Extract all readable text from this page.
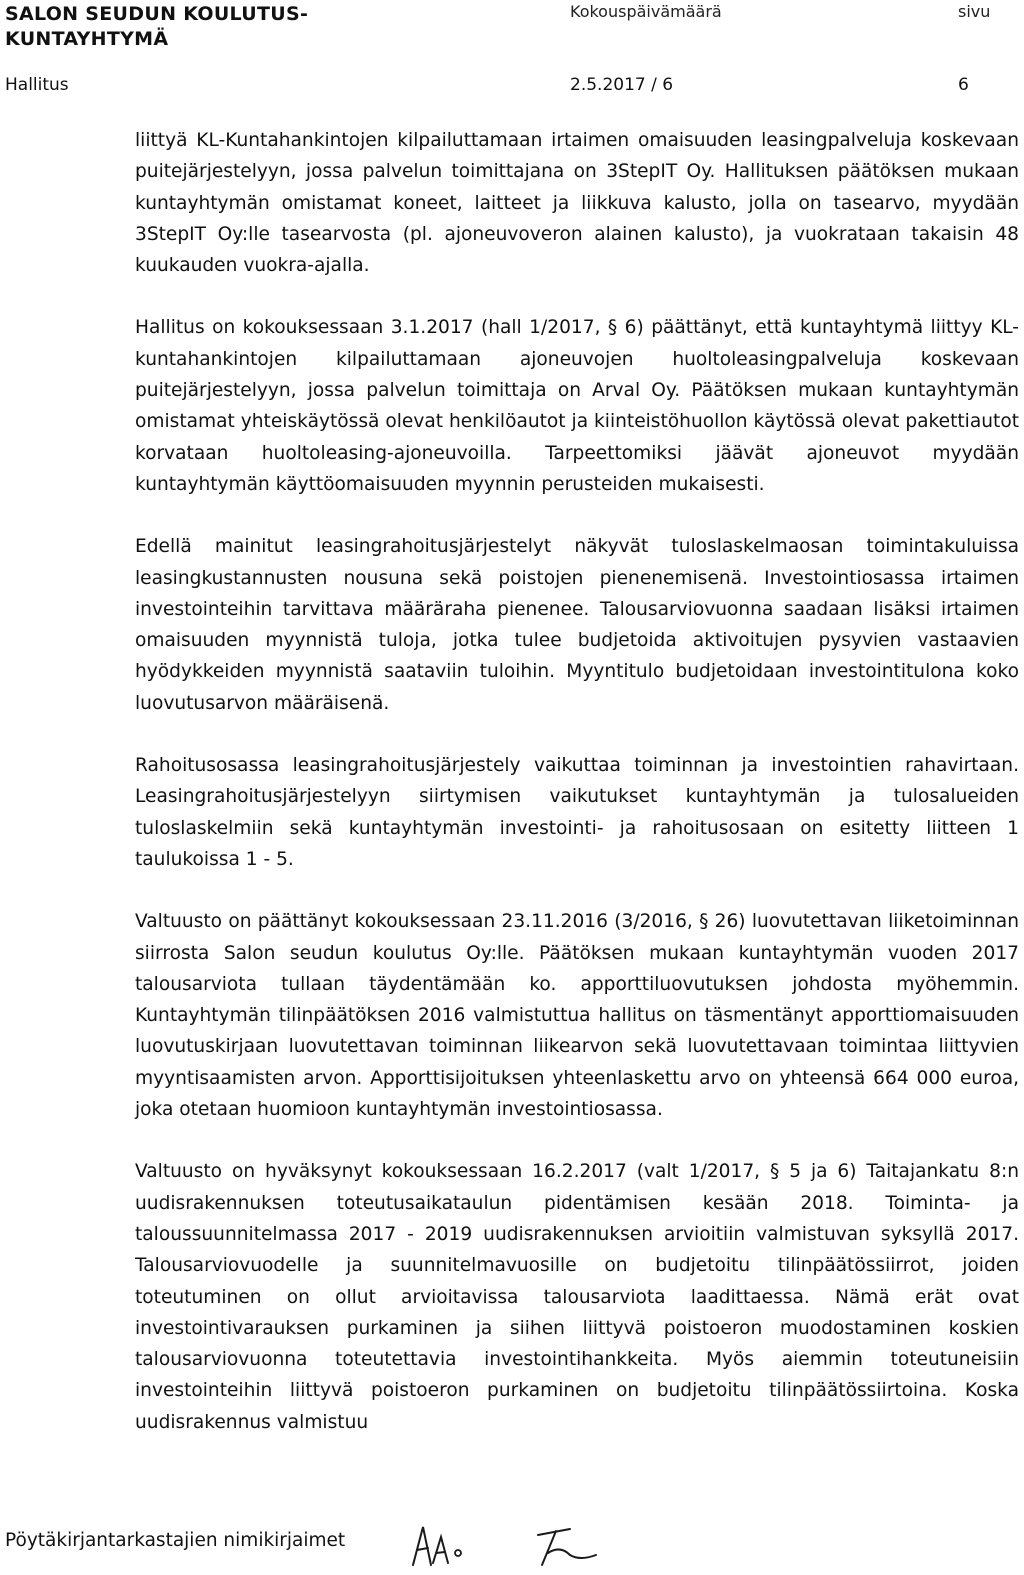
SALON SEUDUN KOULUTUS-
KUNTAYHTYMÄ
Kokouspäivämäärä	sivu
Hallitus	2.5.2017 / 6	6

liittyä KL-Kuntahankintojen kilpailuttamaan irtaimen omaisuuden leasingpalveluja koskevaan puitejärjestelyyn, jossa palvelun toimittajana on 3StepIT Oy. Hallituksen päätöksen mukaan kuntayhtymän omistamat koneet, laitteet ja liikkuva kalusto, jolla on tasearvo, myydään 3StepIT Oy:lle tasearvosta (pl. ajoneuvoveron alainen kalusto), ja vuokrataan takaisin 48 kuukauden vuokra-ajalla.

Hallitus on kokouksessaan 3.1.2017 (hall 1/2017, § 6) päättänyt, että kuntayhtymä liittyy KL-kuntahankintojen kilpailuttamaan ajoneuvojen huoltoleasingpalveluja koskevaan puitejärjestelyyn, jossa palvelun toimittaja on Arval Oy. Päätöksen mukaan kuntayhtymän omistamat yhteiskäytössä olevat henkilöautot ja kiinteistöhuollon käytössä olevat pakettiautot korvataan huoltoleasing-ajoneuvoilla. Tarpeettomiksi jäävät ajoneuvot myydään kuntayhtymän käyttöomaisuuden myynnin perusteiden mukaisesti.

Edellä mainitut leasingrahoitusjärjestelyt näkyvät tuloslaskelmaosan toimintakuluissa leasingkustannusten nousuna sekä poistojen pienenemisenä. Investointiosassa irtaimen investointeihin tarvittava määräraha pienenee. Talousarviovuonna saadaan lisäksi irtaimen omaisuuden myynnistä tuloja, jotka tulee budjetoida aktivoitujen pysyvien vastaavien hyödykkeiden myynnistä saataviin tuloihin. Myyntitulo budjetoidaan investointitulona koko luovutusarvon määräisenä.

Rahoitusosassa leasingrahoitusjärjestely vaikuttaa toiminnan ja investointien rahavirtaan. Leasingrahoitusjärjestelyyn siirtymisen vaikutukset kuntayhtymän ja tulosalueiden tuloslaskelmiin sekä kuntayhtymän investointi- ja rahoitusosaan on esitetty liitteen 1 taulukoissa 1 - 5.

Valtuusto on päättänyt kokouksessaan 23.11.2016 (3/2016, § 26) luovutettavan liiketoiminnan siirrosta Salon seudun koulutus Oy:lle. Päätöksen mukaan kuntayhtymän vuoden 2017 talousarviota tullaan täydentämään ko. apporttiluovutuksen johdosta myöhemmin. Kuntayhtymän tilinpäätöksen 2016 valmistuttua hallitus on täsmentänyt apporttiomaisuuden luovutuskirjaan luovutettavan toiminnan liikearvon sekä luovutettavaan toimintaa liittyvien myyntisaamisten arvon. Apporttisijoituksen yhteenlaskettu arvo on yhteensä 664 000 euroa, joka otetaan huomioon kuntayhtymän investointiosassa.

Valtuusto on hyväksynyt kokouksessaan 16.2.2017 (valt 1/2017, § 5 ja 6) Taitajankatu 8:n uudisrakennuksen toteutusaikataulun pidentämisen kesään 2018. Toiminta- ja taloussuunnitelmassa 2017 - 2019 uudisrakennuksen arvioitiin valmistuvan syksyllä 2017. Talousarviovuodelle ja suunnitelmavuosille on budjetoitu tilinpäätössiirrot, joiden toteutuminen on ollut arvioitavissa talousarviota laadittaessa. Nämä erät ovat investointivarauksen purkaminen ja siihen liittyvä poistoeron muodostaminen koskien talousarviovuonna toteutettavia investointihankkeita. Myös aiemmin toteutuneisiin investointeihin liittyvä poistoeron purkaminen on budjetoitu tilinpäätössiirtoina. Koska uudisrakennus valmistuu

Pöytäkirjantarkastajien nimikirjaimet
